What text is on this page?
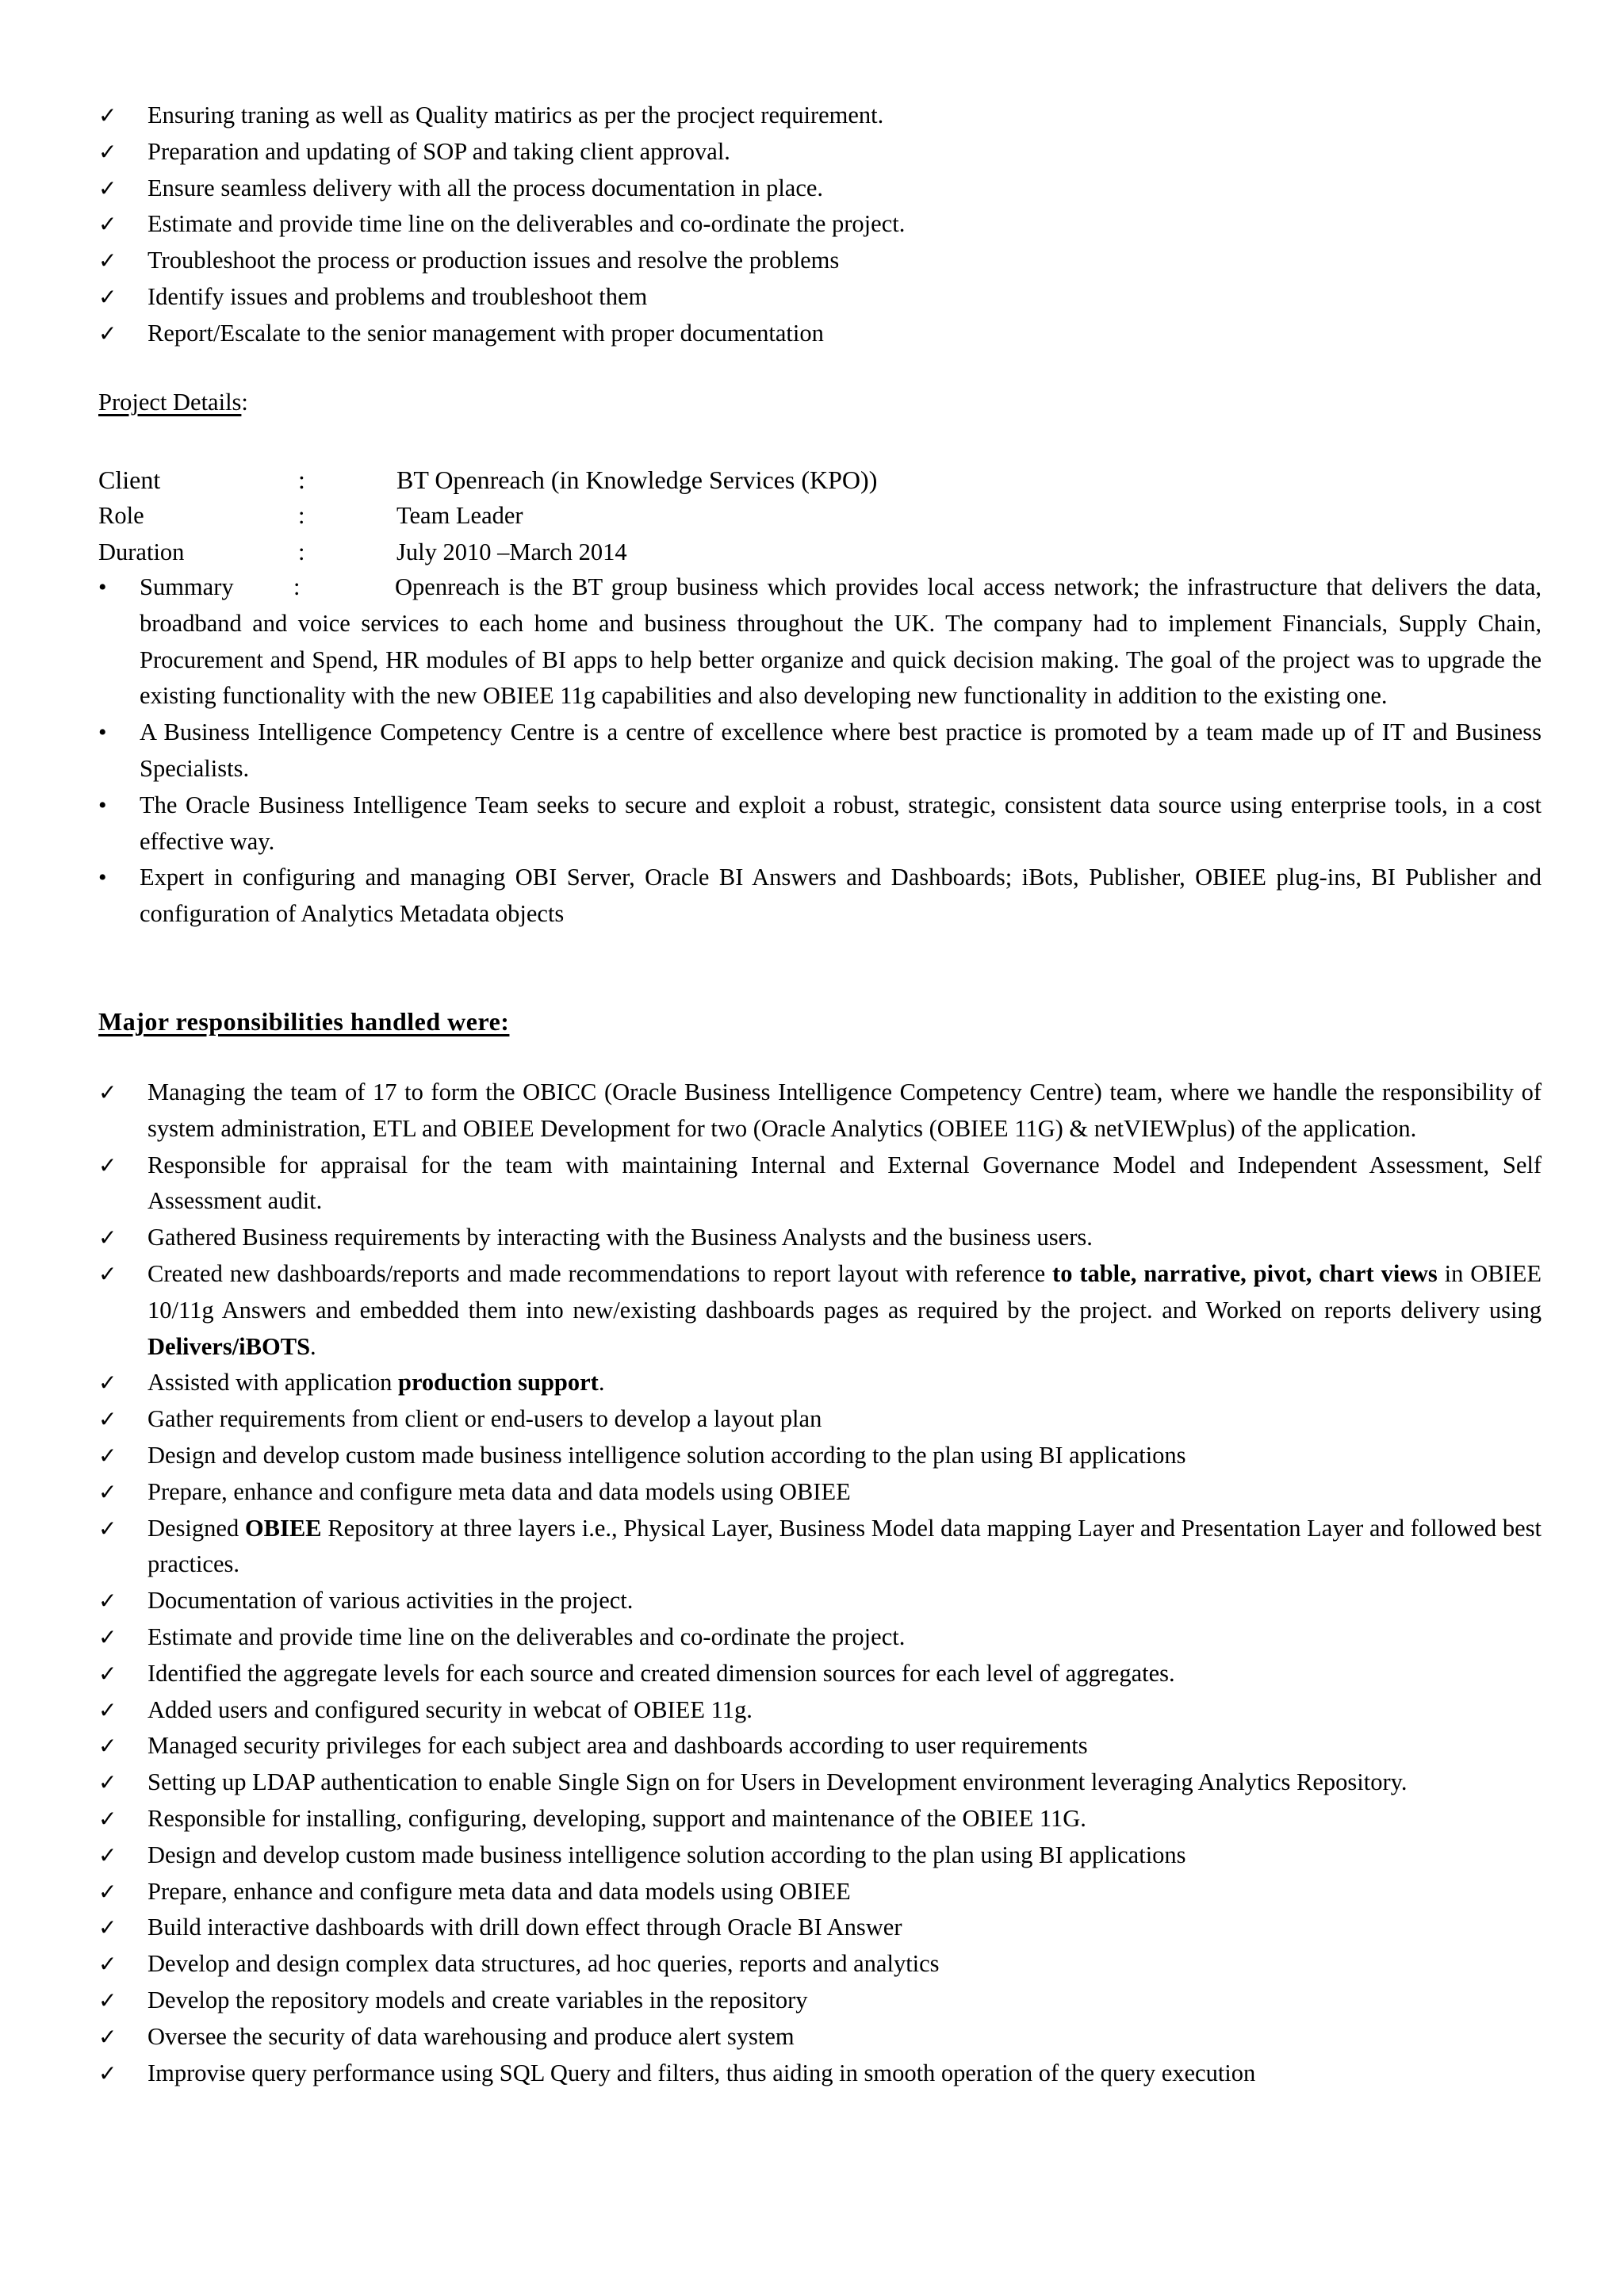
✓	Ensuring traning as well as Quality matirics as per the procject requirement.
✓	Preparation and updating of SOP and taking client approval.
✓	Ensure seamless delivery with all the process documentation in place.
✓	Estimate and provide time line on the deliverables and co-ordinate the project.
✓	Troubleshoot the process or production issues and resolve the problems
✓	Identify issues and problems and troubleshoot them
✓	Report/Escalate to the senior management with proper documentation
Project Details:
Client	:	BT Openreach (in Knowledge Services (KPO))
Role	:	Team Leader
Duration	:	July 2010 –March 2014
•	Summary :	Openreach is the BT group business which provides local access network; the infrastructure that delivers the data, broadband and voice services to each home and business throughout the UK. The company had to implement Financials, Supply Chain, Procurement and Spend, HR modules of BI apps to help better organize and quick decision making. The goal of the project was to upgrade the existing functionality with the new OBIEE 11g capabilities and also developing new functionality in addition to the existing one.
•	A Business Intelligence Competency Centre is a centre of excellence where best practice is promoted by a team made up of IT and Business Specialists.
•	The Oracle Business Intelligence Team seeks to secure and exploit a robust, strategic, consistent data source using enterprise tools, in a cost effective way.
•	Expert in configuring and managing OBI Server, Oracle BI Answers and Dashboards; iBots, Publisher, OBIEE plug-ins, BI Publisher and configuration of Analytics Metadata objects
Major responsibilities handled were:
✓	Managing the team of 17 to form the OBICC (Oracle Business Intelligence Competency Centre) team, where we handle the responsibility of system administration, ETL and OBIEE Development for two (Oracle Analytics (OBIEE 11G) & netVIEWplus) of the application.
✓	Responsible for appraisal for the team with maintaining Internal and External Governance Model and Independent Assessment, Self Assessment audit.
✓	Gathered Business requirements by interacting with the Business Analysts and the business users.
✓	Created new dashboards/reports and made recommendations to report layout with reference to table, narrative, pivot, chart views in OBIEE 10/11g Answers and embedded them into new/existing dashboards pages as required by the project. and Worked on reports delivery using Delivers/iBOTS.
✓	Assisted with application production support.
✓	Gather requirements from client or end-users to develop a layout plan
✓	Design and develop custom made business intelligence solution according to the plan using BI applications
✓	Prepare, enhance and configure meta data and data models using OBIEE
✓	Designed OBIEE Repository at three layers i.e., Physical Layer, Business Model data mapping Layer and Presentation Layer and followed best practices.
✓	Documentation of various activities in the project.
✓	Estimate and provide time line on the deliverables and co-ordinate the project.
✓	Identified the aggregate levels for each source and created dimension sources for each level of aggregates.
✓	Added users and configured security in webcat of OBIEE 11g.
✓	Managed security privileges for each subject area and dashboards according to user requirements
✓	Setting up LDAP authentication to enable Single Sign on for Users in Development environment leveraging Analytics Repository.
✓	Responsible for installing, configuring, developing, support and maintenance of the OBIEE 11G.
✓	Design and develop custom made business intelligence solution according to the plan using BI applications
✓	Prepare, enhance and configure meta data and data models using OBIEE
✓	Build interactive dashboards with drill down effect through Oracle BI Answer
✓	Develop and design complex data structures, ad hoc queries, reports and analytics
✓	Develop the repository models and create variables in the repository
✓	Oversee the security of data warehousing and produce alert system
✓	Improvise query performance using SQL Query and filters, thus aiding in smooth operation of the query execution
